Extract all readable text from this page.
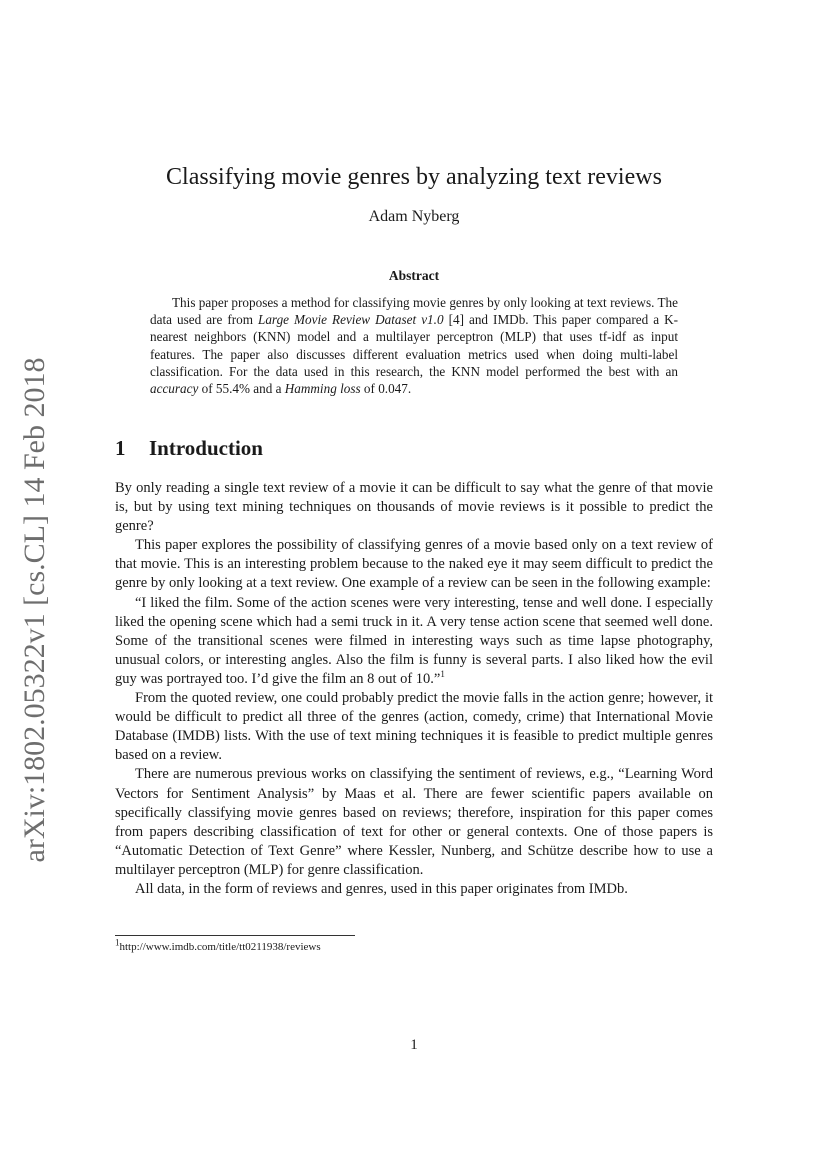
arXiv:1802.05322v1 [cs.CL] 14 Feb 2018
Classifying movie genres by analyzing text reviews
Adam Nyberg
Abstract
This paper proposes a method for classifying movie genres by only looking at text reviews. The data used are from Large Movie Review Dataset v1.0 [4] and IMDb. This paper compared a K-nearest neighbors (KNN) model and a multilayer perceptron (MLP) that uses tf-idf as input features. The paper also discusses different evaluation metrics used when doing multi-label classification. For the data used in this research, the KNN model performed the best with an accuracy of 55.4% and a Hamming loss of 0.047.
1 Introduction

By only reading a single text review of a movie it can be difficult to say what the genre of that movie is, but by using text mining techniques on thousands of movie reviews is it possible to predict the genre?

This paper explores the possibility of classifying genres of a movie based only on a text review of that movie. This is an interesting problem because to the naked eye it may seem difficult to predict the genre by only looking at a text review. One example of a review can be seen in the following example:

“I liked the film. Some of the action scenes were very interesting, tense and well done. I especially liked the opening scene which had a semi truck in it. A very tense action scene that seemed well done. Some of the transitional scenes were filmed in interesting ways such as time lapse photography, unusual colors, or interesting angles. Also the film is funny is several parts. I also liked how the evil guy was portrayed too. I’d give the film an 8 out of 10.”$^1$

From the quoted review, one could probably predict the movie falls in the action genre; however, it would be difficult to predict all three of the genres (action, comedy, crime) that International Movie Database (IMDB) lists. With the use of text mining techniques it is feasible to predict multiple genres based on a review.

There are numerous previous works on classifying the sentiment of reviews, e.g., “Learning Word Vectors for Sentiment Analysis” by Maas et al. There are fewer scientific papers available on specifically classifying movie genres based on reviews; therefore, inspiration for this paper comes from papers describing classification of text for other or general contexts. One of those papers is “Automatic Detection of Text Genre” where Kessler, Nunberg, and Schütze describe how to use a multilayer perceptron (MLP) for genre classification.

All data, in the form of reviews and genres, used in this paper originates from IMDb.

$^1$http://www.imdb.com/title/tt0211938/reviews
1
